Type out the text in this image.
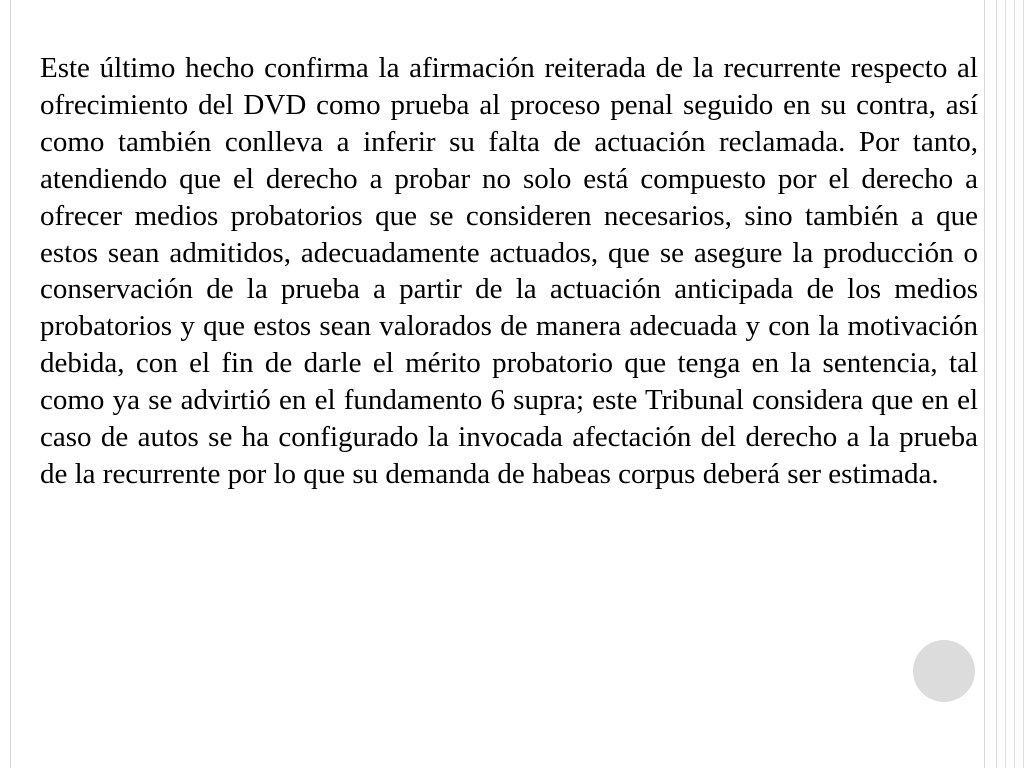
Este último hecho confirma la afirmación reiterada de la recurrente respecto al ofrecimiento del DVD como prueba al proceso penal seguido en su contra, así como también conlleva a inferir su falta de actuación reclamada. Por tanto, atendiendo que el derecho a probar no solo está compuesto por el derecho a ofrecer medios probatorios que se consideren necesarios, sino también a que estos sean admitidos, adecuadamente actuados, que se asegure la producción o conservación de la prueba a partir de la actuación anticipada de los medios probatorios y que estos sean valorados de manera adecuada y con la motivación debida, con el fin de darle el mérito probatorio que tenga en la sentencia, tal como ya se advirtió en el fundamento 6 supra; este Tribunal considera que en el caso de autos se ha configurado la invocada afectación del derecho a la prueba de la recurrente por lo que su demanda de habeas corpus deberá ser estimada.
